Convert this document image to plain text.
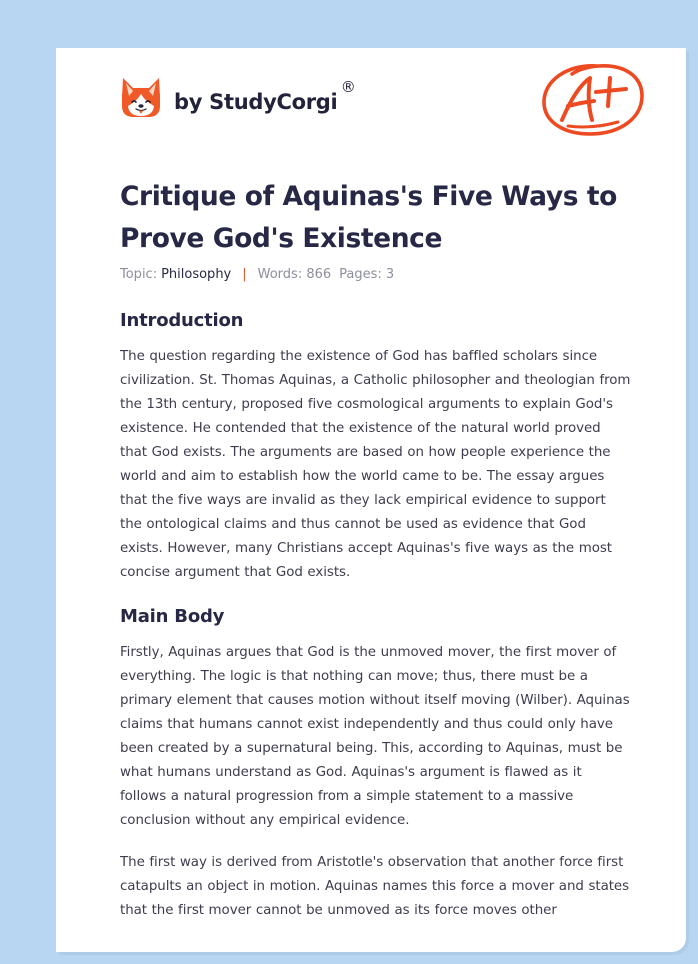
by StudyCorgi
®
Critique of Aquinas's Five Ways to Prove God's Existence
Topic: Philosophy | Words: 866 Pages: 3
Introduction

The question regarding the existence of God has baffled scholars since civilization. St. Thomas Aquinas, a Catholic philosopher and theologian from the 13th century, proposed five cosmological arguments to explain God's existence. He contended that the existence of the natural world proved that God exists. The arguments are based on how people experience the world and aim to establish how the world came to be. The essay argues that the five ways are invalid as they lack empirical evidence to support the ontological claims and thus cannot be used as evidence that God exists. However, many Christians accept Aquinas's five ways as the most concise argument that God exists.

Main Body

Firstly, Aquinas argues that God is the unmoved mover, the first mover of everything. The logic is that nothing can move; thus, there must be a primary element that causes motion without itself moving (Wilber). Aquinas claims that humans cannot exist independently and thus could only have been created by a supernatural being. This, according to Aquinas, must be what humans understand as God. Aquinas's argument is flawed as it follows a natural progression from a simple statement to a massive conclusion without any empirical evidence.

The first way is derived from Aristotle's observation that another force first catapults an object in motion. Aquinas names this force a mover and states that the first mover cannot be unmoved as its force moves other
